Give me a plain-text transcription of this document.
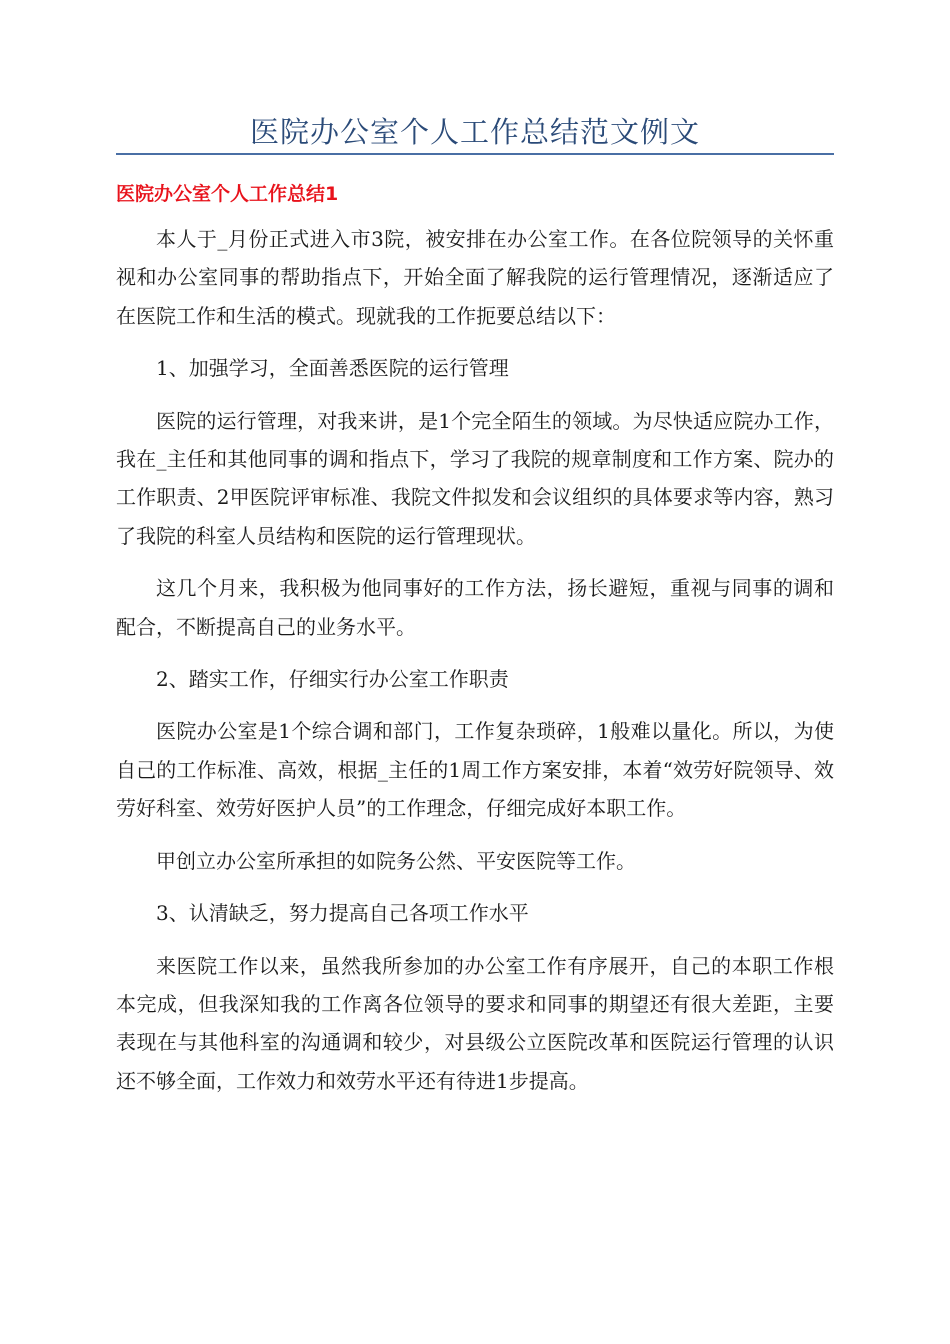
医院办公室个人工作总结范文例文
医院办公室个人工作总结1

本人于_月份正式进入市3院，被安排在办公室工作。在各位院领导的关怀重视和办公室同事的帮助指点下，开始全面了解我院的运行管理情况，逐渐适应了在医院工作和生活的模式。现就我的工作扼要总结以下：

1、加强学习，全面善悉医院的运行管理

医院的运行管理，对我来讲，是1个完全陌生的领域。为尽快适应院办工作，我在_主任和其他同事的调和指点下，学习了我院的规章制度和工作方案、院办的工作职责、2甲医院评审标准、我院文件拟发和会议组织的具体要求等内容，熟习了我院的科室人员结构和医院的运行管理现状。

这几个月来，我积极为他同事好的工作方法，扬长避短，重视与同事的调和配合，不断提高自己的业务水平。

2、踏实工作，仔细实行办公室工作职责

医院办公室是1个综合调和部门，工作复杂琐碎，1般难以量化。所以，为使自己的工作标准、高效，根据_主任的1周工作方案安排，本着“效劳好院领导、效劳好科室、效劳好医护人员”的工作理念，仔细完成好本职工作。

甲创立办公室所承担的如院务公然、平安医院等工作。

3、认清缺乏，努力提高自己各项工作水平

来医院工作以来，虽然我所参加的办公室工作有序展开，自己的本职工作根本完成，但我深知我的工作离各位领导的要求和同事的期望还有很大差距，主要表现在与其他科室的沟通调和较少，对县级公立医院改革和医院运行管理的认识还不够全面，工作效力和效劳水平还有待进1步提高。
